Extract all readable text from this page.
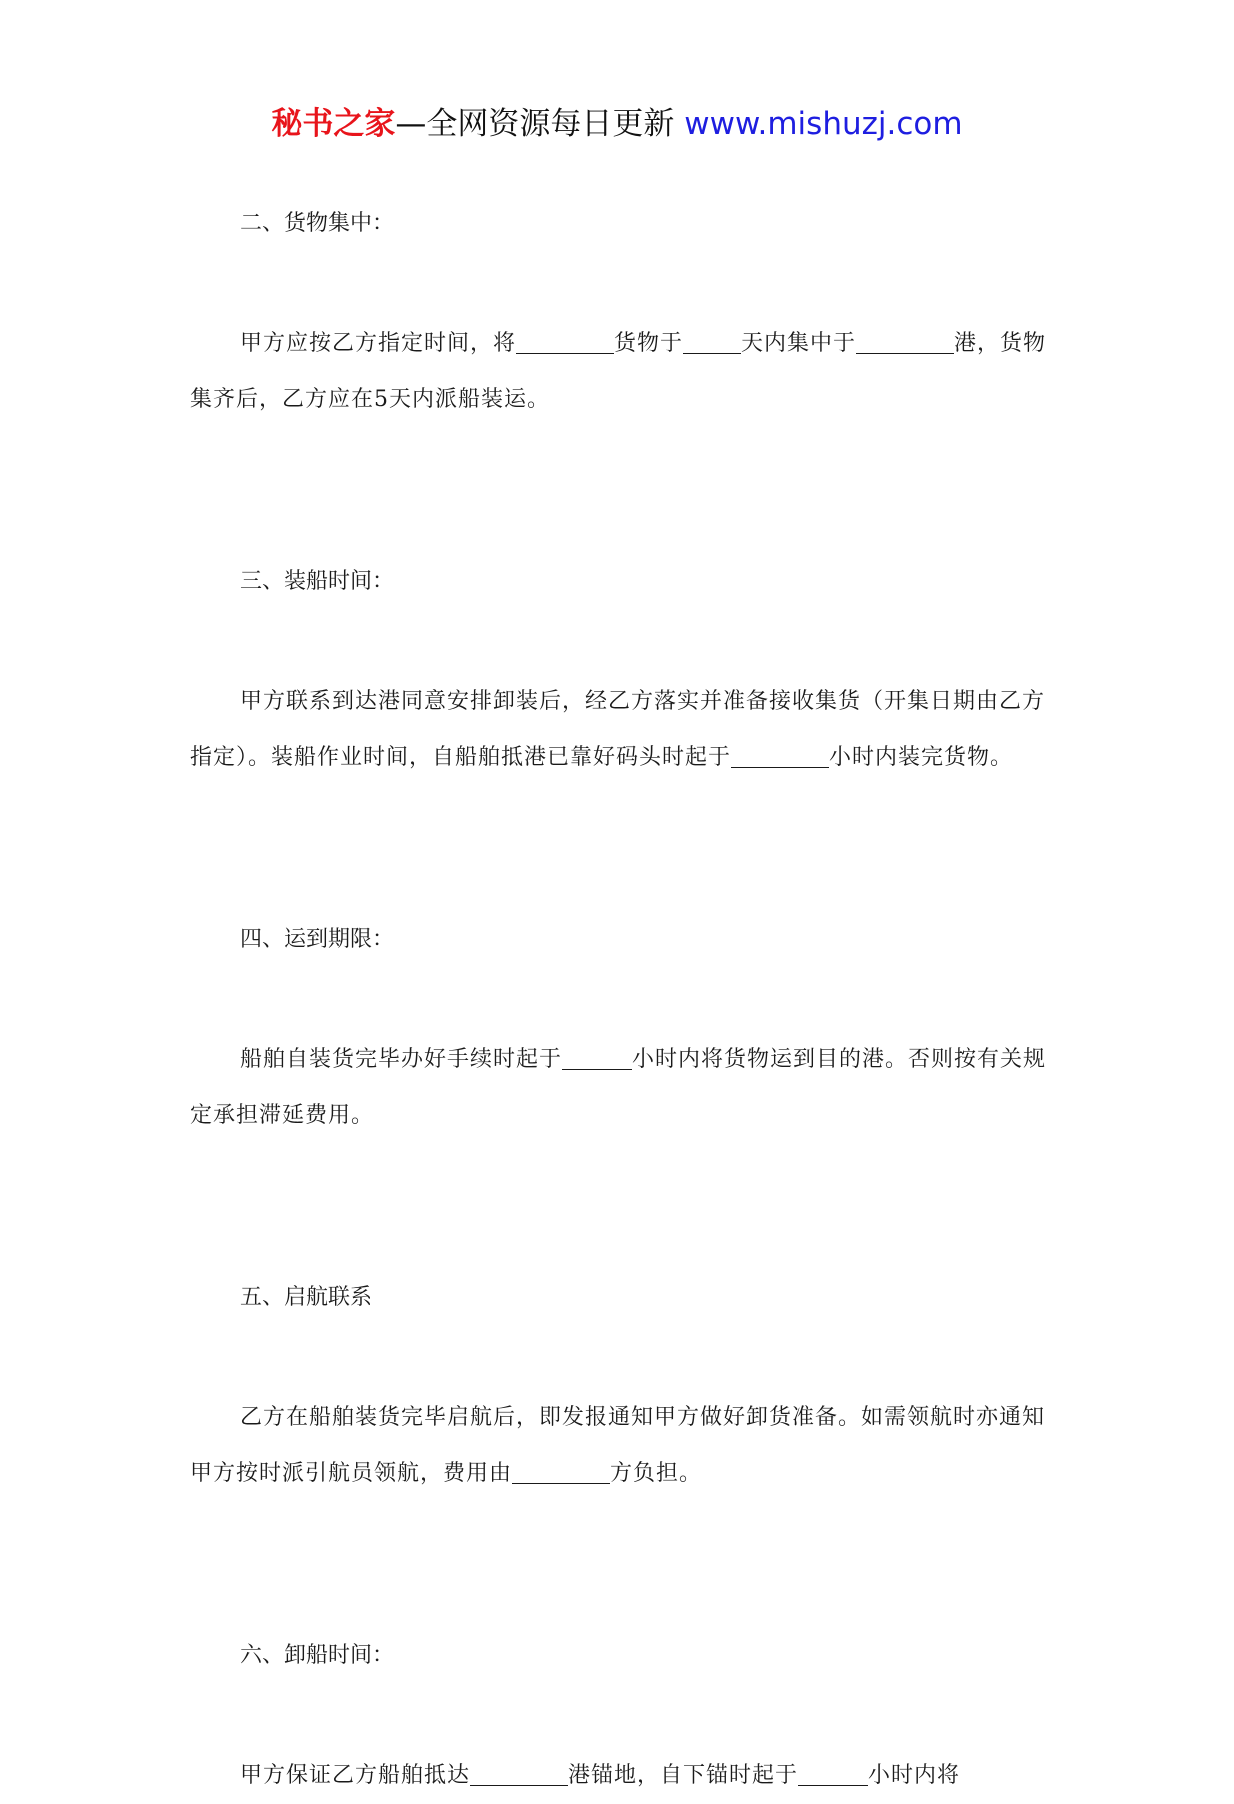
秘书之家—全网资源每日更新 www.mishuzj.com

二、货物集中：

甲方应按乙方指定时间，将	货物于	天内集中于	港，货物集齐后，乙方应在5天内派船装运。

三、装船时间：

甲方联系到达港同意安排卸装后，经乙方落实并准备接收集货（开集日期由乙方指定）。装船作业时间，自船舶抵港已靠好码头时起于	小时内装完货物。

四、运到期限：

船舶自装货完毕办好手续时起于	小时内将货物运到目的港。否则按有关规定承担滞延费用。

五、启航联系

乙方在船舶装货完毕启航后，即发报通知甲方做好卸货准备。如需领航时亦通知甲方按时派引航员领航，费用由	方负担。

六、卸船时间：

甲方保证乙方船舶抵达	港锚地，自下锚时起于	小时内将
